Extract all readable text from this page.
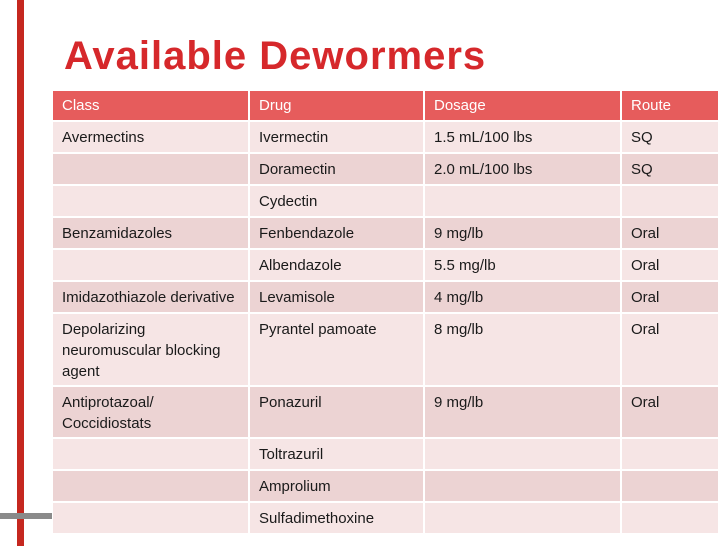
Available Dewormers
Class	Drug	Dosage	Route
Avermectins	Ivermectin	1.5 mL/100 lbs	SQ
	Doramectin	2.0 mL/100 lbs	SQ
	Cydectin		
Benzamidazoles	Fenbendazole	9 mg/lb	Oral
	Albendazole	5.5 mg/lb	Oral
Imidazothiazole derivative	Levamisole	4 mg/lb	Oral
Depolarizing neuromuscular blocking agent	Pyrantel pamoate	8 mg/lb	Oral
Antiprotazoal/ Coccidiostats	Ponazuril	9 mg/lb	Oral
	Toltrazuril		
	Amprolium		
	Sulfadimethoxine		
